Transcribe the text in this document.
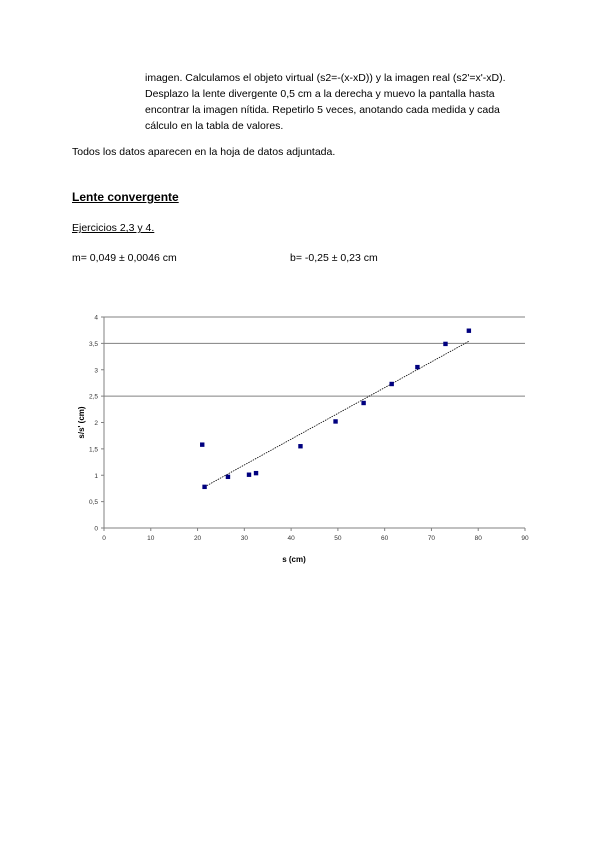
imagen. Calculamos el objeto virtual (s2=-(x-xD)) y la imagen real (s2'=x'-xD).
Desplazo la lente divergente 0,5 cm a la derecha y muevo la pantalla hasta
encontrar la imagen nítida. Repetirlo 5 veces, anotando cada medida y cada
cálculo en la tabla de valores.
Todos los datos aparecen en la hoja de datos adjuntada.
Lente convergente
Ejercicios 2,3 y 4.
m= 0,049 ± 0,0046 cm	b= -0,25 ± 0,23 cm
0
0,5
1
1,5
2
2,5
3
3,5
4
0	10	20	30	40	50	60	70	80	90
s (cm)
s/s' (cm)
